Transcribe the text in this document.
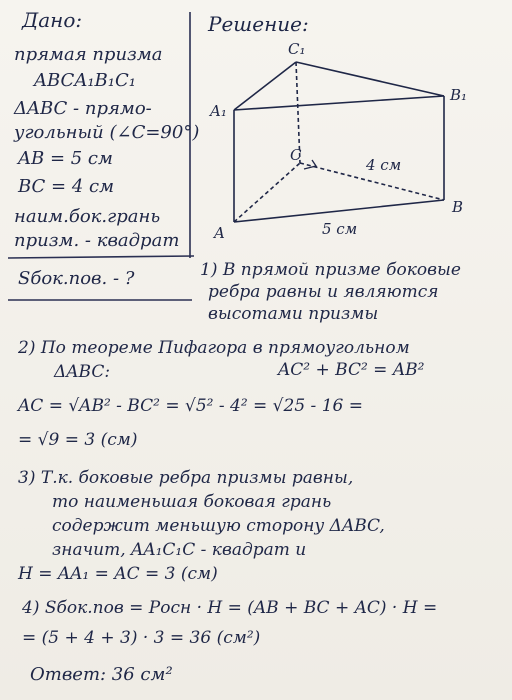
Дано:
прямая призма
ABCA₁B₁C₁
ΔABC - прямо-
угольный (∠C=90°)
AB = 5 см
BC = 4 см
наим.бок.грань
призм. - квадрат
Sбок.пов. - ?
Решение:
C₁
A₁
B₁
C
A
B
4 см
5 см
1) В прямой призме боковые
ребра равны и являются
высотами призмы
2) По теореме Пифагора в прямоугольном
ΔABC:	AC² + BC² = AB²
AC = √AB² - BC² = √5² - 4² = √25 - 16 =
= √9 = 3 (см)
3) Т.к. боковые ребра призмы равны,
то наименьшая боковая грань
содержит меньшую сторону ΔABC,
значит, AA₁C₁C - квадрат и
H = AA₁ = AC = 3 (см)
4) Sбок.пов = Pосн · H = (AB + BC + AC) · H =
= (5 + 4 + 3) · 3 = 36 (см²)
Ответ: 36 см²
